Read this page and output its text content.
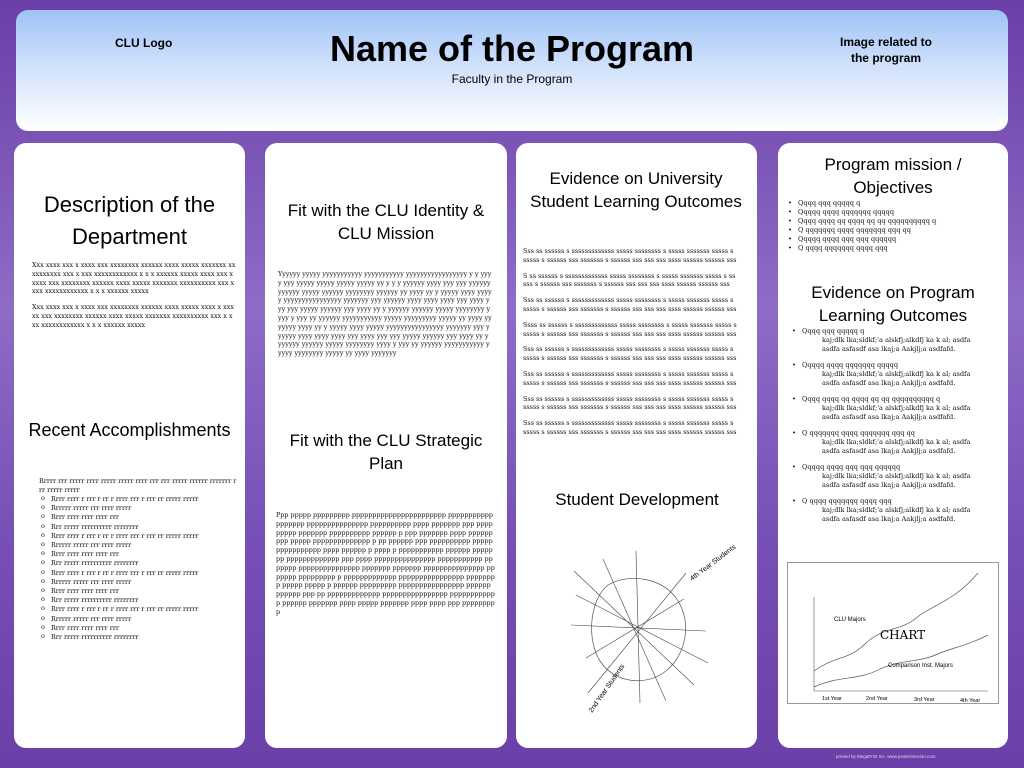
CLU Logo	Name of the Program
Faculty in the Program
Image related to the program
Description of the Department

Xxx xxxx xxx x xxxx xxx xxxxxxxx xxxxxx xxxx xxxxx xxxxxxx xxxxxxxxxx xxx x xxx xxxxxxxxxxxx x x x xxxxxx xxxxx xxxx xxx x xxxx xxx xxxxxxxx xxxxxx xxxx xxxxx xxxxxxx xxxxxxxxxx xxx x xxx xxxxxxxxxxxx x x x xxxxxx xxxxx

Xxx xxxx xxx x xxxx xxx xxxxxxxx xxxxxx xxxx xxxxx xxxx x xxxxx xxx xxxxxxxx xxxxxx xxxx xxxxx xxxxxxx xxxxxxxxxx xxx x xxx xxxxxxxxxxxx x x x xxxxxx xxxxx

Recent Accomplishments
Rrrrr rrr rrrrr rrrr rrrrr rrrrr rrrr rrr rrr rrrrr rrrrrr rrrrrrr rrr rrrrr rrrrr
o Rrrr rrrr r rrr r rr r rrrr rrr r rrr rr rrrrr rrrrr
o Rrrrrr rrrrr rrr rrrr rrrrr
o Rrrr rrrr rrrr rrrr rrr
o Rrr rrrrr rrrrrrrrrr rrrrrrrr
o Rrrr rrrr r rrr r rr r rrrr rrr r rrr rr rrrrr rrrrr
o Rrrrrr rrrrr rrr rrrr rrrrr
o Rrrr rrrr rrrr rrrr rrr
o Rrr rrrrr rrrrrrrrrr rrrrrrrr
o Rrrr rrrr r rrr r rr r rrrr rrr r rrr rr rrrrr rrrrr
o Rrrrrr rrrrr rrr rrrr rrrrr
o Rrrr rrrr rrrr rrrr rrr
o Rrr rrrrr rrrrrrrrrr rrrrrrrr
o Rrrr rrrr r rrr r rr r rrrr rrr r rrr rr rrrrr rrrrr
o Rrrrrr rrrrr rrr rrrr rrrrr
o Rrrr rrrr rrrr rrrr rrr
o Rrr rrrrr rrrrrrrrrr rrrrrrrr
Fit with the CLU Identity & CLU Mission
Yyyyyy yyyyy yyyyyyyyyyy yyyyyyyyyyy yyyyyyyyyyyyyyyyy y y yyyy yyy yyyyy yyyyy yyyyy yyyyy yy y y y yyyyyy yyyy yyy yyy yyyyyy yyyyyy yyyyy yyyyyy yyyyyyyy yyyyyy yy yyyy yy y yyyyy yyyy yyyyy yyyyyyyyyyyyyyyy yyyyyyy yyy yyyyyy yyyy yyyy yyyy yyy yyyy yyy yyy yyyyy yyyyyy yyy yyyy yy y yyyyyy yyyyyy yyyyy yyyyyyyy yyyy y yyy yy yyyyyy yyyyyyyyyyy yyyyy yyyyyyyyy yyyyy yy yyyy yyyyyyy yyyy yy y yyyyy yyyy yyyyy yyyyyyyyyyyyyyyy yyyyyyy yyy yyyyyy yyyy yyyy yyyy yyy yyyy yyy yyy yyyyy yyyyyy yyy yyyy yy y yyyyyy yyyyyy yyyyy yyyyyyyy yyyy y yyy yy yyyyyy yyyyyyyyyyy yyyyy yyyyyyyy yyyyy yy yyyy yyyyyyy
Fit with the CLU Strategic Plan
Ppp ppppp ppppppppp ppppppppppppppppppppppp ppppppppppp ppppppp ppppppppppppppp pppppppppp pppp ppppppp ppp ppppppppp ppppppp pppppppppp pppppp p ppp ppppppp pppp ppppppppp ppppp pppppppppppppp p pp pppppp ppp pppppppppp ppppp ppppppppppp pppp pppppp p pppp p ppppppppppp pppppp ppppppp ppppppppppppp ppp pppp ppppppppppppppp ppppppppppp ppppppp ppppppppppppppp ppppppp ppppppp ppppppppppppppp ppppppp ppppppppp p ppppppppppppp pppppppppppppppp pppppppp ppppp ppppp p pppppp ppppppppp pppppppppppppppp pppppp pppppp ppp pp ppppppppppppp pppppppppppppppp pppppppppppp pppppp ppppppp pppp ppppp ppppppp pppp pppp ppp ppppppppp
Evidence on University Student Learning Outcomes

Sss ss ssssss s sssssssssssss sssss ssssssss s sssss sssssss sssss s sssss s ssssss sss sssssss s ssssss sss sss sss ssss ssssss ssssss sss

S ss ssssss s sssssssssssss sssss ssssssss s sssss sssssss sssss s sssss s ssssss sss sssssss s ssssss sss sss sss ssss ssssss ssssss sss

Sss ss ssssss s sssssssssssss sssss ssssssss s sssss sssssss sssss s sssss s ssssss sss sssssss s ssssss sss sss sss ssss ssssss ssssss sss

Ssss ss ssssss s sssssssssssss sssss ssssssss s sssss sssssss sssss s sssss s ssssss sss sssssss s ssssss sss sss sss ssss ssssss ssssss sss

Sss ss ssssss s sssssssssssss sssss ssssssss s sssss sssssss sssss s sssss s ssssss sss sssssss s ssssss sss sss sss ssss ssssss ssssss sss

Sss ss ssssss s sssssssssssss sssss ssssssss s sssss sssssss sssss s sssss s ssssss sss sssssss s ssssss sss sss sss ssss ssssss ssssss sss

Sss ss ssssss s sssssssssssss sssss ssssssss s sssss sssssss sssss s sssss s ssssss sss sssssss s ssssss sss sss sss ssss ssssss ssssss sss

Sss ss ssssss s sssssssssssss sssss ssssssss s sssss sssssss sssss s sssss s ssssss sss sssssss s ssssss sss sss sss ssss ssssss ssssss sss

Student Development
4th Year Students
2nd Year Students
Program mission / Objectives
• Qqqq qqq qqqqq q
• Qqqqq qqqq qqqqqqq qqqqq
• Qqqq qqqq qq qqqq qq qq qqqqqqqqqq q
• Q qqqqqqq qqqq qqqqqqq qqq qq
• Qqqqq qqqq qqq qqq qqqqqq
• Q qqqq qqqqqqq qqqq qqq
Evidence on Program Learning Outcomes
• Qqqq qqq qqqqq q
kaj;dlk lka;sldkf;'a alskfj;alkdfj ka k al; asdfa
asdfa asfasdf asa lkaj;a Aakjlj;a asdfafd.
• Qqqqq qqqq qqqqqqq qqqqq
kaj;dlk lka;sldkf;'a alskfj;alkdfj ka k al; asdfa
asdfa asfasdf asa lkaj;a Aakjlj;a asdfafd.
• Qqqq qqqq qq qqqq qq qq qqqqqqqqqq q
kaj;dlk lka;sldkf;'a alskfj;alkdfj ka k al; asdfa
asdfa asfasdf asa lkaj;a Aakjlj;a asdfafd.
• Q qqqqqqq qqqq qqqqqqq qqq qq
kaj;dlk lka;sldkf;'a alskfj;alkdfj ka k al; asdfa
asdfa asfasdf asa lkaj;a Aakjlj;a asdfafd.
• Qqqqq qqqq qqq qqq qqqqqq
kaj;dlk lka;sldkf;'a alskfj;alkdfj ka k al; asdfa
asdfa asfasdf asa lkaj;a Aakjlj;a asdfafd.
• Q qqqq qqqqqqq qqqq qqq
kaj;dlk lka;sldkf;'a alskfj;alkdfj ka k al; asdfa
asdfa asfasdf asa lkaj;a Aakjlj;a asdfafd.
CLU Majors
CHART
Comparison Inst. Majors
1st Year	2nd Year	3rd Year	4th Year
printed by MegaPrint Inc. www.postersession.com
